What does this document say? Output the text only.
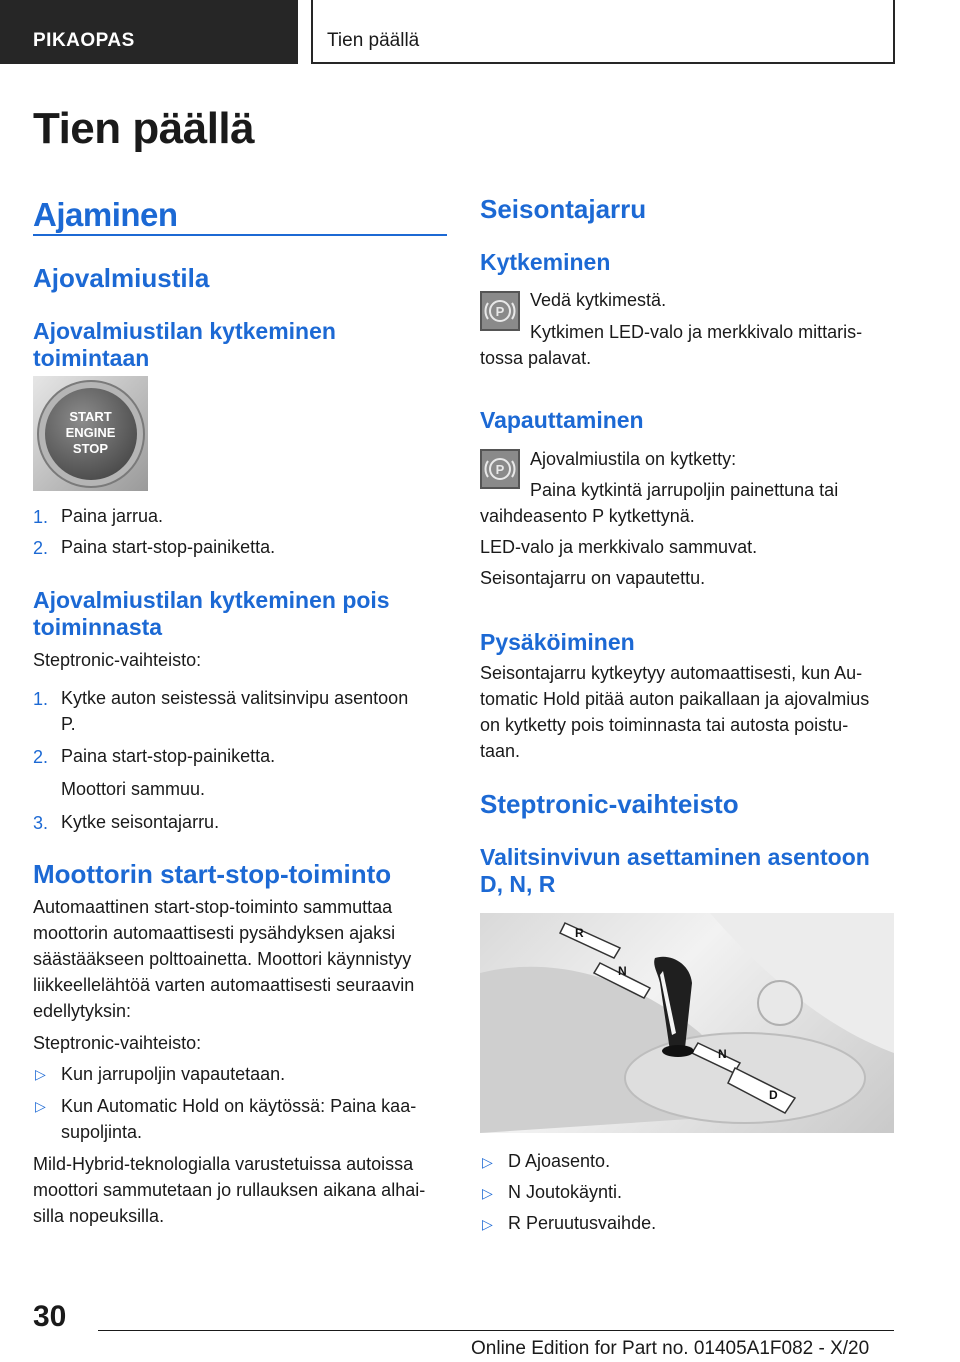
PIKAOPAS	Tien päällä
Tien päällä
Ajaminen
Ajovalmiustila
Ajovalmiustilan kytkeminen
toimintaan
START
ENGINE
STOP
1. Paina jarrua.
2. Paina start-stop-painiketta.
Ajovalmiustilan kytkeminen pois
toiminnasta
Steptronic-vaihteisto:
1. Kytke auton seistessä valitsinvipu asentoon
P.
2. Paina start-stop-painiketta.
Moottori sammuu.
3. Kytke seisontajarru.
Moottorin start-stop-toiminto
Automaattinen start-stop-toiminto sammuttaa
moottorin automaattisesti pysähdyksen ajaksi
säästääkseen polttoainetta. Moottori käynnistyy
liikkeellelähtöä varten automaattisesti seuraavin
edellytyksin:
Steptronic-vaihteisto:
▷ Kun jarrupoljin vapautetaan.
▷ Kun Automatic Hold on käytössä: Paina kaa-
supoljinta.
Mild-Hybrid-teknologialla varustetuissa autoissa
moottori sammutetaan jo rullauksen aikana alhai-
silla nopeuksilla.
Seisontajarru
Kytkeminen
P
Vedä kytkimestä.
Kytkimen LED-valo ja merkkivalo mittaris-
tossa palavat.
Vapauttaminen
P
Ajovalmiustila on kytketty:
Paina kytkintä jarrupoljin painettuna tai
vaihdeasento P kytkettynä.
LED-valo ja merkkivalo sammuvat.
Seisontajarru on vapautettu.
Pysäköiminen
Seisontajarru kytkeytyy automaattisesti, kun Au-
tomatic Hold pitää auton paikallaan ja ajovalmius
on kytketty pois toiminnasta tai autosta poistu-
taan.
Steptronic-vaihteisto
Valitsinvivun asettaminen asentoon
D, N, R
R
N
N
D
▷ D Ajoasento.
▷ N Joutokäynti.
▷ R Peruutusvaihde.
30
Online Edition for Part no. 01405A1F082 - X/20
